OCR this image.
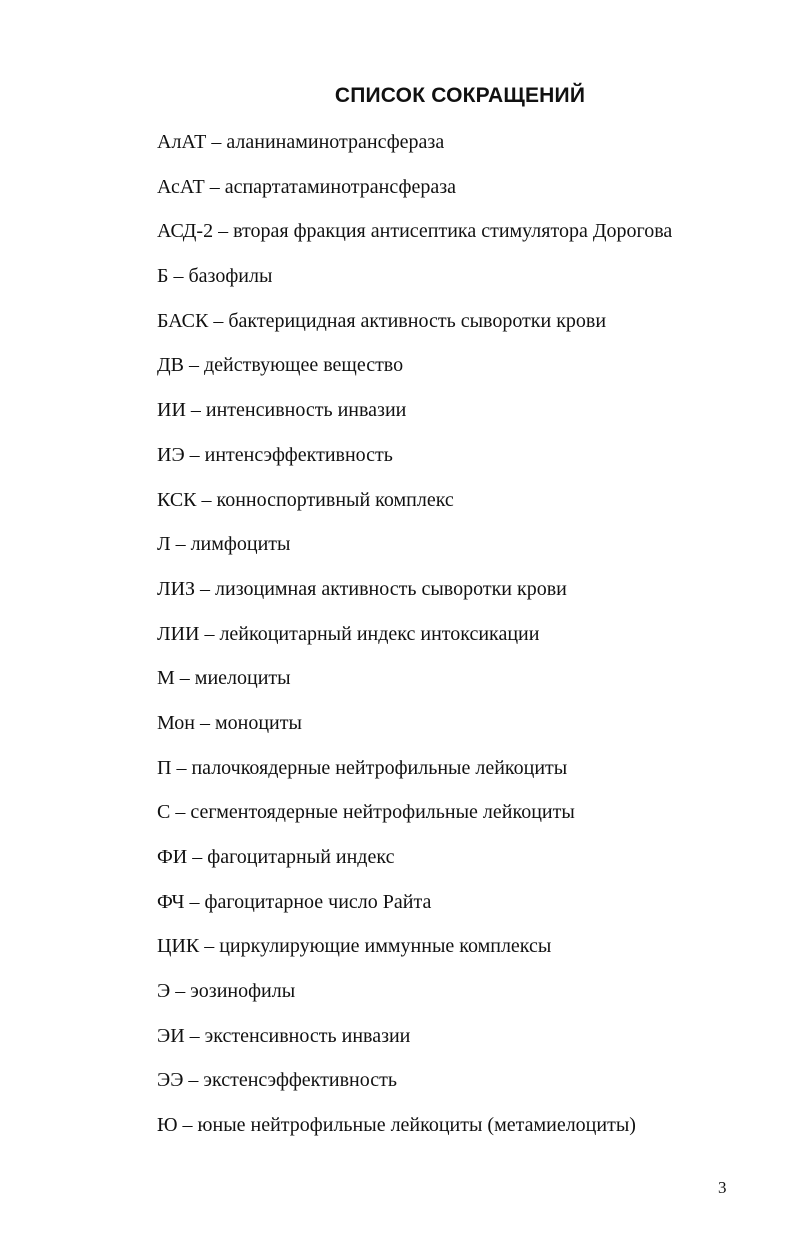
СПИСОК СОКРАЩЕНИЙ
АлАТ – аланинаминотрансфераза
АсАТ – аспартатаминотрансфераза
АСД-2 – вторая фракция антисептика стимулятора Дорогова
Б – базофилы
БАСК – бактерицидная активность сыворотки крови
ДВ – действующее вещество
ИИ – интенсивность инвазии
ИЭ – интенсэффективность
КСК – конноспортивный комплекс
Л – лимфоциты
ЛИЗ – лизоцимная активность сыворотки крови
ЛИИ – лейкоцитарный индекс интоксикации
М – миелоциты
Мон – моноциты
П – палочкоядерные нейтрофильные лейкоциты
С – сегментоядерные нейтрофильные лейкоциты
ФИ – фагоцитарный индекс
ФЧ – фагоцитарное число Райта
ЦИК – циркулирующие иммунные комплексы
Э – эозинофилы
ЭИ – экстенсивность инвазии
ЭЭ – экстенсэффективность
Ю – юные нейтрофильные лейкоциты (метамиелоциты)
3
